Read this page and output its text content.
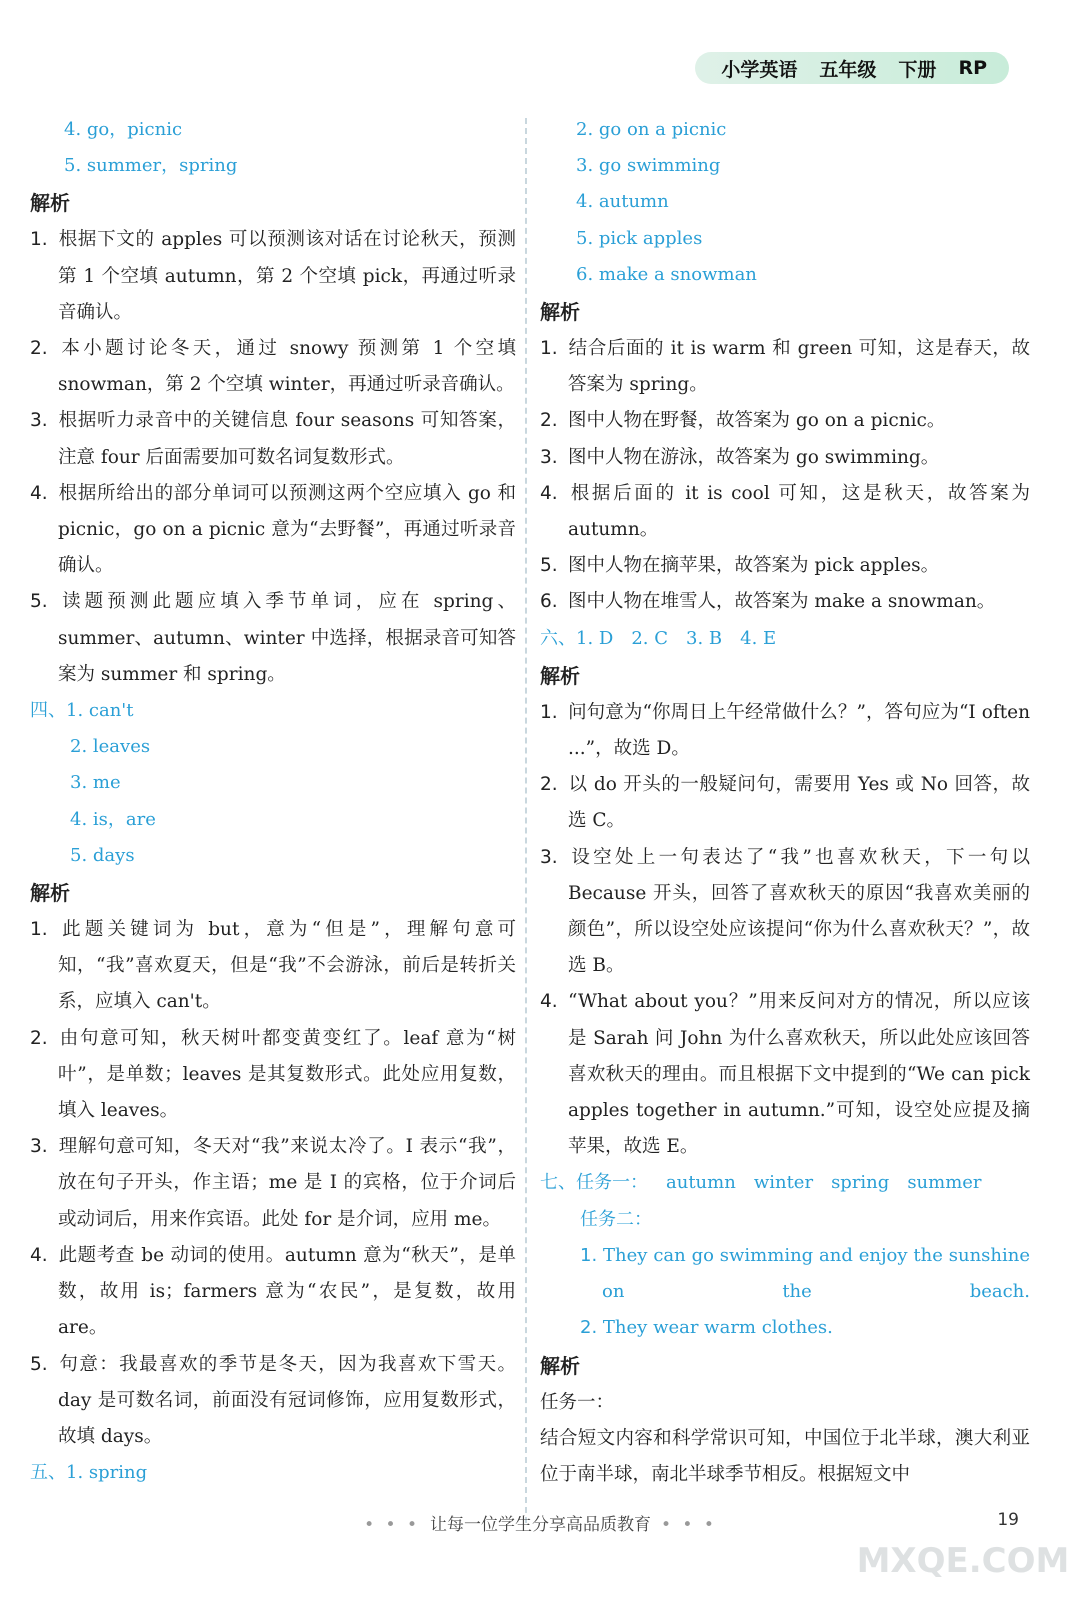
小学英语 五年级 下册 RP
4. go，picnic
5. summer，spring
解析
1. 根据下文的 apples 可以预测该对话在讨论秋天，预测第 1 个空填 autumn，第 2 个空填 pick，再通过听录音确认。
2. 本小题讨论冬天，通过 snowy 预测第 1 个空填 snowman，第 2 个空填 winter，再通过听录音确认。
3. 根据听力录音中的关键信息 four seasons 可知答案，注意 four 后面需要加可数名词复数形式。
4. 根据所给出的部分单词可以预测这两个空应填入 go 和 picnic，go on a picnic 意为“去野餐”，再通过听录音确认。
5. 读题预测此题应填入季节单词，应在 spring、summer、autumn、winter 中选择，根据录音可知答案为 summer 和 spring。
四、1. can't
2. leaves
3. me
4. is，are
5. days
解析
1. 此题关键词为 but，意为“但是”，理解句意可知，“我”喜欢夏天，但是“我”不会游泳，前后是转折关系，应填入 can't。
2. 由句意可知，秋天树叶都变黄变红了。leaf 意为“树叶”，是单数；leaves 是其复数形式。此处应用复数，填入 leaves。
3. 理解句意可知，冬天对“我”来说太冷了。I 表示“我”，放在句子开头，作主语；me 是 I 的宾格，位于介词后或动词后，用来作宾语。此处 for 是介词，应用 me。
4. 此题考查 be 动词的使用。autumn 意为“秋天”，是单数，故用 is；farmers 意为“农民”，是复数，故用 are。
5. 句意：我最喜欢的季节是冬天，因为我喜欢下雪天。day 是可数名词，前面没有冠词修饰，应用复数形式，故填 days。
五、1. spring
2. go on a picnic
3. go swimming
4. autumn
5. pick apples
6. make a snowman
解析
1. 结合后面的 it is warm 和 green 可知，这是春天，故答案为 spring。
2. 图中人物在野餐，故答案为 go on a picnic。
3. 图中人物在游泳，故答案为 go swimming。
4. 根据后面的 it is cool 可知，这是秋天，故答案为 autumn。
5. 图中人物在摘苹果，故答案为 pick apples。
6. 图中人物在堆雪人，故答案为 make a snowman。
六、1. D　2. C　3. B　4. E
解析
1. 问句意为“你周日上午经常做什么？”，答句应为“I often ...”，故选 D。
2. 以 do 开头的一般疑问句，需要用 Yes 或 No 回答，故选 C。
3. 设空处上一句表达了“我”也喜欢秋天，下一句以 Because 开头，回答了喜欢秋天的原因“我喜欢美丽的颜色”，所以设空处应该提问“你为什么喜欢秋天？”，故选 B。
4. “What about you？”用来反问对方的情况，所以应该是 Sarah 问 John 为什么喜欢秋天，所以此处应该回答喜欢秋天的理由。而且根据下文中提到的“We can pick apples together in autumn.”可知，设空处应提及摘苹果，故选 E。
七、任务一： autumn winter spring summer
任务二：
1. They can go swimming and enjoy the sunshine on the beach.
2. They wear warm clothes.
解析
任务一：
结合短文内容和科学常识可知，中国位于北半球，澳大利亚位于南半球，南北半球季节相反。根据短文中
• • • 让每一位学生分享高品质教育 • • •	19
MXQE.COM
